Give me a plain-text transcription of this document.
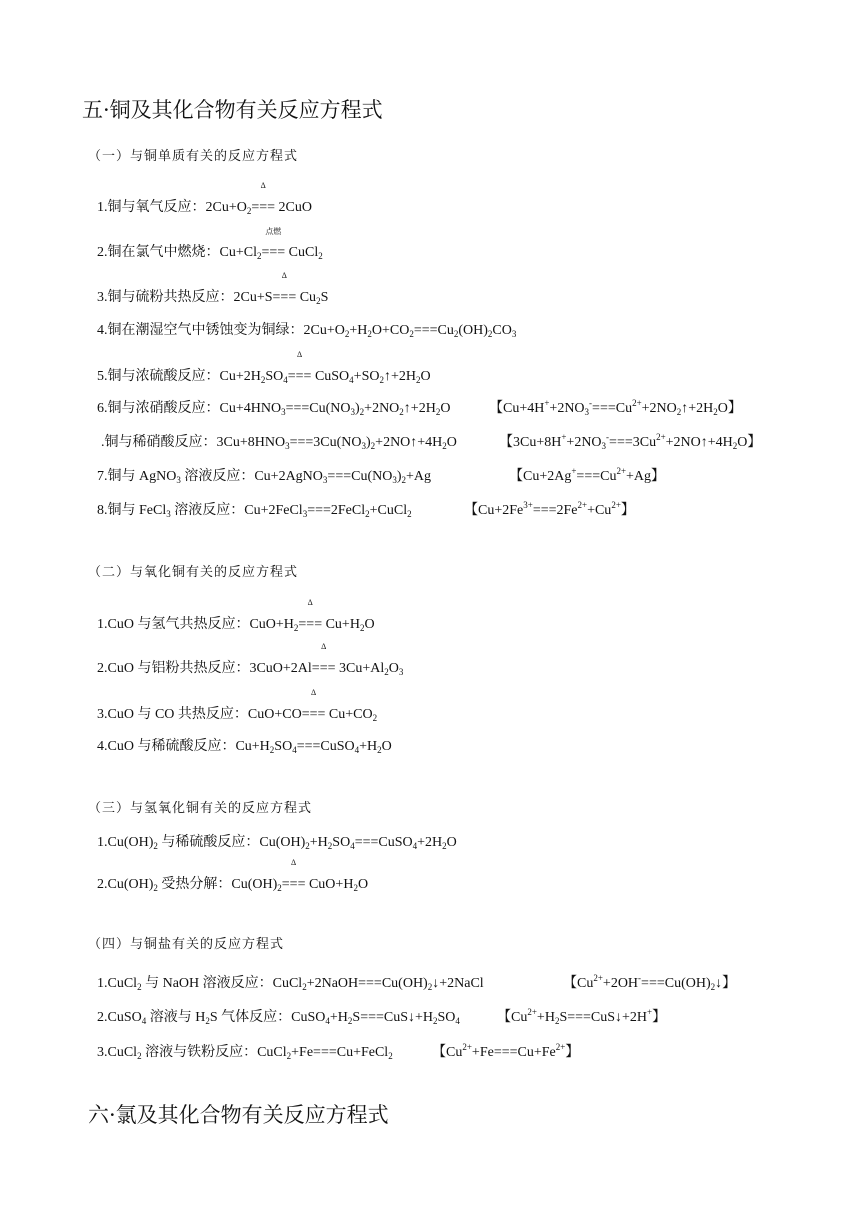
五·铜及其化合物有关反应方程式
（一）与铜单质有关的反应方程式
1.铜与氧气反应：$2Cu+O_2$
Δ
=== 2CuO
2.铜在氯气中燃烧：$Cu+Cl_2$
点燃
=== CuCl$_2$
3.铜与硫粉共热反应：2Cu+S
Δ
=== $Cu_2S$
4.铜在潮湿空气中锈蚀变为铜绿：$2Cu+O_2+H_2O+CO_2===Cu_2(OH)_2CO_3$
5.铜与浓硫酸反应：$Cu+2H_2SO_4$
Δ
=== $CuSO_4+SO_2↑+2H_2O$
6.铜与浓硝酸反应：$Cu+4HNO_3===Cu(NO_3)_2+2NO_2↑+2H_2O$	【$Cu+4H^++2NO_3^-===Cu^{2+}+2NO_2↑+2H_2O$】
.铜与稀硝酸反应：$3Cu+8HNO_3===3Cu(NO_3)_2+2NO↑+4H_2O$	【$3Cu+8H^++2NO_3^-===3Cu^{2+}+2NO↑+4H_2O$】
7.铜与 AgNO$_3$ 溶液反应：$Cu+2AgNO_3===Cu(NO_3)_2+Ag$	【$Cu+2Ag^+===Cu^{2+}+Ag$】
8.铜与 FeCl$_3$ 溶液反应：Cu+2FeCl$_3$===2FeCl$_2$+CuCl$_2$	【$Cu+2Fe^{3+}===2Fe^{2+}+Cu^{2+}$】
（二）与氧化铜有关的反应方程式
1.CuO 与氢气共热反应：$CuO+H_2$
Δ
=== $Cu+H_2O$
2.CuO 与铝粉共热反应：3CuO+2Al
Δ
=== $3Cu+Al_2O_3$
3.CuO 与 CO 共热反应：CuO+CO
Δ
=== $Cu+CO_2$
4.CuO 与稀硫酸反应：$Cu+H_2SO_4===CuSO_4+H_2O$
（三）与氢氧化铜有关的反应方程式
$1.Cu(OH)_2$ 与稀硫酸反应：$Cu(OH)_2+H_2SO_4===CuSO_4+2H_2O$
$2.Cu(OH)_2$ 受热分解：$Cu(OH)_2$
Δ
=== $CuO+H_2O$
（四）与铜盐有关的反应方程式
1.CuCl$_2$ 与 NaOH 溶液反应：$CuCl_2+2NaOH===Cu(OH)_2↓+2NaCl$	【$Cu^{2+}+2OH^-===Cu(OH)_2↓$】
2.CuSO$_4$ 溶液与 $H_2S$ 气体反应：$CuSO_4+H_2S===CuS↓+H_2SO_4$	【$Cu^{2+}+H_2S===CuS↓+2H^+$】
3.CuCl$_2$ 溶液与铁粉反应：CuCl$_2$+Fe===Cu+FeCl$_2$	【$Cu^{2+}+Fe===Cu+Fe^{2+}$】
六·氯及其化合物有关反应方程式
